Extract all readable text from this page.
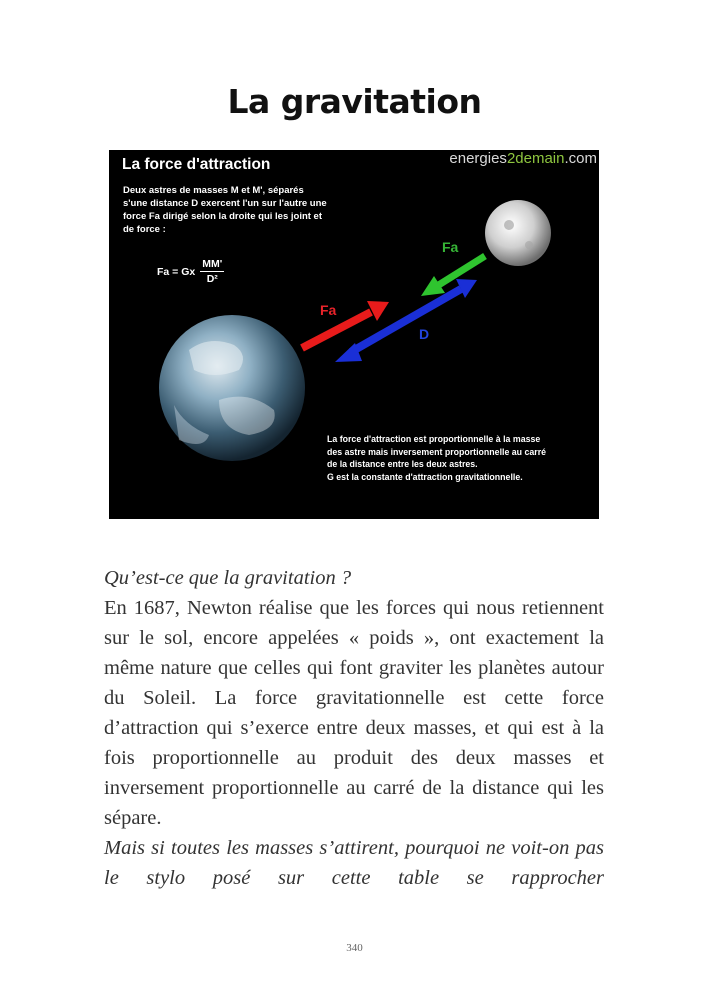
La gravitation
La force d'attraction	energies2demain.com
Deux astres de masses M et M', séparés s'une distance D exercent l'un sur l'autre une force Fa dirigé selon la droite qui les joint et de force :
Fa = Gx $\frac{MM'}{\text{D²}}$
Fa
Fa
D
La force d'attraction est proportionnelle à la masse
des astre mais inversement proportionnelle au carré
de la distance entre les deux astres.
G est la constante d'attraction gravitationnelle.

Qu’est-ce que la gravitation ?

En 1687, Newton réalise que les forces qui nous retiennent sur le sol, encore appelées « poids », ont exactement la même nature que celles qui font graviter les planètes autour du Soleil. La force gravitationnelle est cette force d’attraction qui s’exerce entre deux masses, et qui est à la fois proportionnelle au produit des deux masses et inversement proportionnelle au carré de la distance qui les sépare.

Mais si toutes les masses s’attirent, pourquoi ne voit-on pas le stylo posé sur cette table se rapprocher

340
